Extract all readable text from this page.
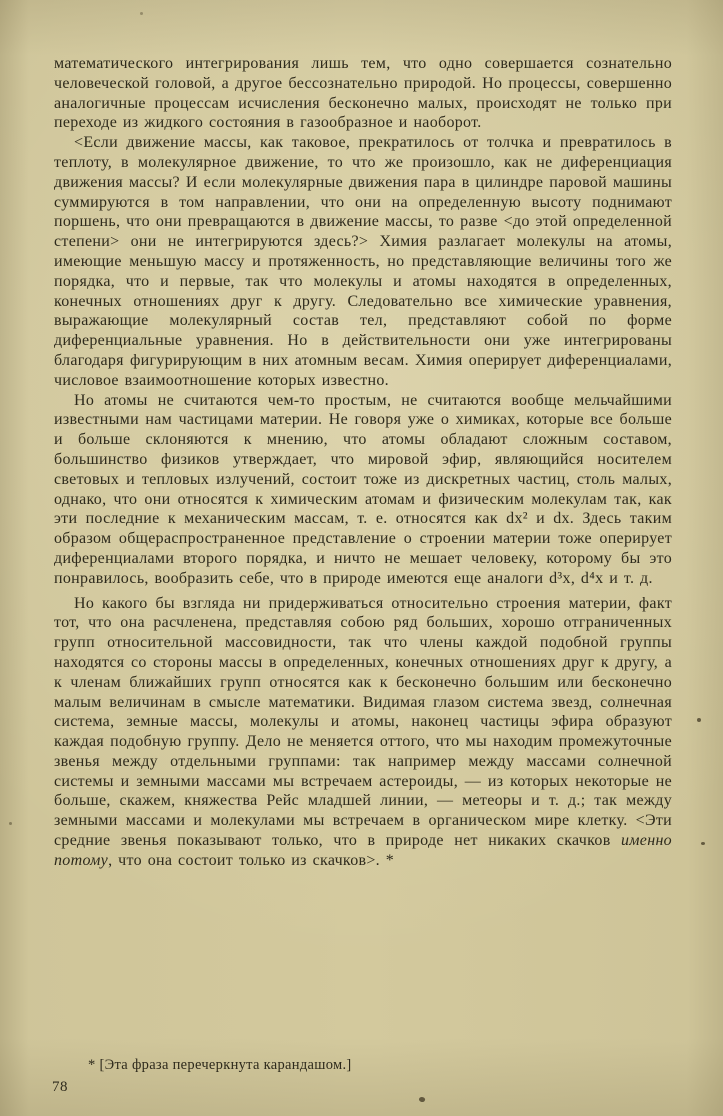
математического интегрирования лишь тем, что одно совершается сознательно человеческой головой, а другое бессознательно природой. Но процессы, совершенно аналогичные процессам исчисления бесконечно малых, происходят не только при переходе из жидкого состояния в газообразное и наоборот.

<Если движение массы, как таковое, прекратилось от толчка и превратилось в теплоту, в молекулярное движение, то что же произошло, как не диференциация движения массы? И если молекулярные движения пара в цилиндре паровой машины суммируются в том направлении, что они на определенную высоту поднимают поршень, что они превращаются в движение массы, то разве <до этой определенной степени> они не интегрируются здесь?> Химия разлагает молекулы на атомы, имеющие меньшую массу и протяженность, но представляющие величины того же порядка, что и первые, так что молекулы и атомы находятся в определенных, конечных отношениях друг к другу. Следовательно все химические уравнения, выражающие молекулярный состав тел, представляют собой по форме диференциальные уравнения. Но в действительности они уже интегрированы благодаря фигурирующим в них атомным весам. Химия оперирует диференциалами, числовое взаимоотношение которых известно.

Но атомы не считаются чем-то простым, не считаются вообще мельчайшими известными нам частицами материи. Не говоря уже о химиках, которые все больше и больше склоняются к мнению, что атомы обладают сложным составом, большинство физиков утверждает, что мировой эфир, являющийся носителем световых и тепловых излучений, состоит тоже из дискретных частиц, столь малых, однако, что они относятся к химическим атомам и физическим молекулам так, как эти последние к механическим массам, т. е. относятся как dx² и dx. Здесь таким образом общераспространенное представление о строении материи тоже оперирует диференциалами второго порядка, и ничто не мешает человеку, которому бы это понравилось, вообразить себе, что в природе имеются еще аналоги d³x, d⁴x и т. д.

Но какого бы взгляда ни придерживаться относительно строения материи, факт тот, что она расчленена, представляя собою ряд больших, хорошо отграниченных групп относительной массовидности, так что члены каждой подобной группы находятся со стороны массы в определенных, конечных отношениях друг к другу, а к членам ближайших групп относятся как к бесконечно большим или бесконечно малым величинам в смысле математики. Видимая глазом система звезд, солнечная система, земные массы, молекулы и атомы, наконец частицы эфира образуют каждая подобную группу. Дело не меняется оттого, что мы находим промежуточные звенья между отдельными группами: так например между массами солнечной системы и земными массами мы встречаем астероиды, — из которых некоторые не больше, скажем, княжества Рейс младшей линии, — метеоры и т. д.; так между земными массами и молекулами мы встречаем в органическом мире клетку. <Эти средние звенья показывают только, что в природе нет никаких скачков именно потому, что она состоит только из скачков>. *

* [Эта фраза перечеркнута карандашом.]
78
